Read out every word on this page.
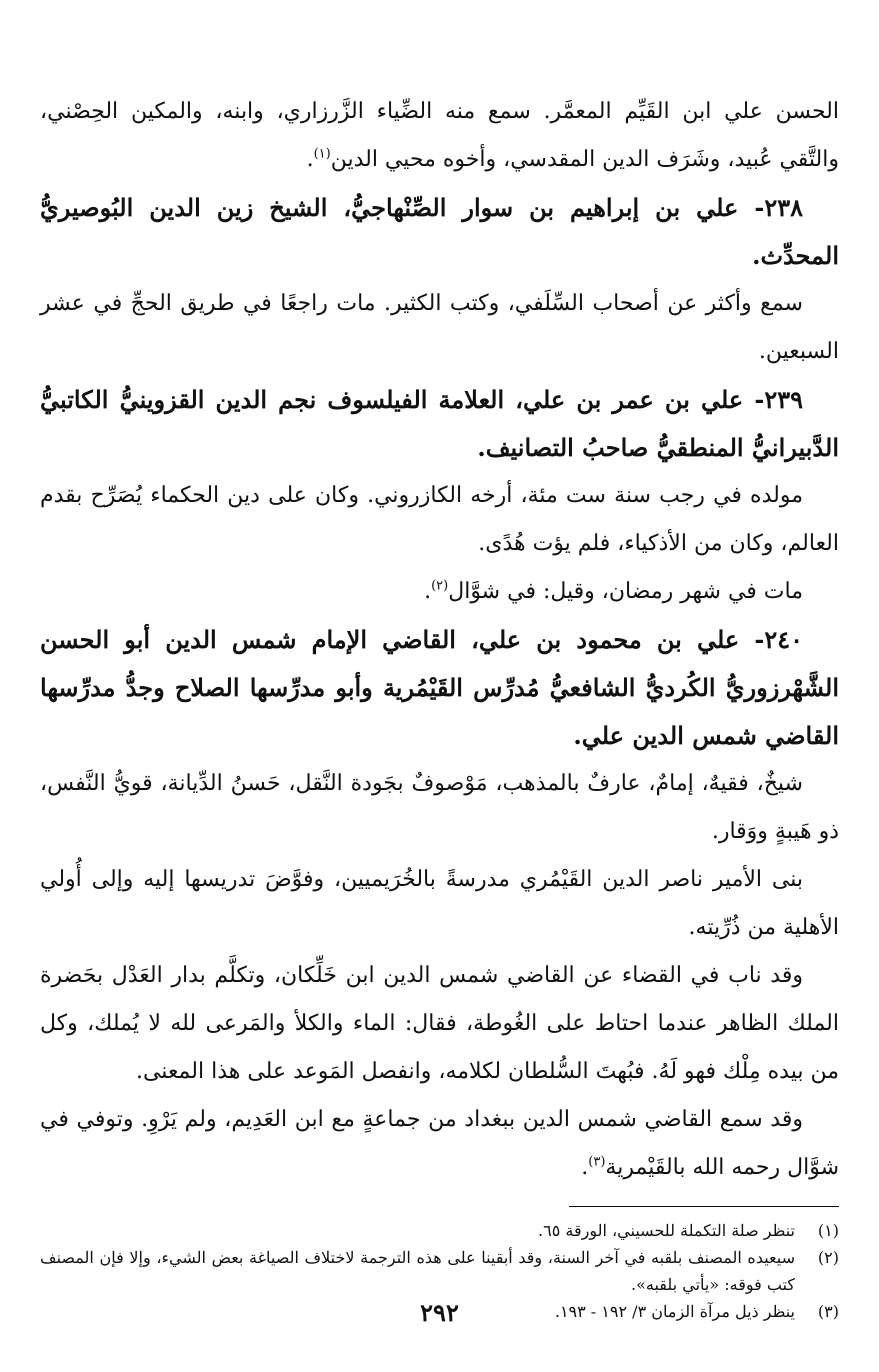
الحسن علي ابن القَيِّم المعمَّر. سمع منه الضِّياء الزَّرزاري، وابنه، والمكين الحِصْني، والتَّقي عُبيد، وشَرَف الدين المقدسي، وأخوه محيي الدين$^{(١)}$.

٢٣٨- علي بن إبراهيم بن سوار الصِّنْهاجيُّ، الشيخ زين الدين البُوصيريُّ المحدِّث.

سمع وأكثر عن أصحاب السِّلَفي، وكتب الكثير. مات راجعًا في طريق الحجِّ في عشر السبعين.

٢٣٩- علي بن عمر بن علي، العلامة الفيلسوف نجم الدين القزوينيُّ الكاتبيُّ الدَّبيرانيُّ المنطقيُّ صاحبُ التصانيف.

مولده في رجب سنة ست مئة، أرخه الكازروني. وكان على دين الحكماء يُصَرِّح بقدم العالم، وكان من الأذكياء، فلم يؤت هُدًى.

مات في شهر رمضان، وقيل: في شوَّال$^{(٢)}$.

٢٤٠- علي بن محمود بن علي، القاضي الإمام شمس الدين أبو الحسن الشَّهْرزوريُّ الكُرديُّ الشافعيُّ مُدرِّس القَيْمُرية وأبو مدرِّسها الصلاح وجدُّ مدرِّسها القاضي شمس الدين علي.

شيخٌ، فقيهٌ، إمامٌ، عارفٌ بالمذهب، مَوْصوفٌ بجَودة النَّقل، حَسنُ الدِّيانة، قويُّ النَّفس، ذو هَيبةٍ ووَقار.

بنى الأمير ناصر الدين القَيْمُري مدرسةً بالخُرَيميين، وفوَّضَ تدريسها إليه وإلى أُولي الأهلية من ذُرِّيته.

وقد ناب في القضاء عن القاضي شمس الدين ابن خَلِّكان، وتكلَّم بدار العَدْل بحَضرة الملك الظاهر عندما احتاط على الغُوطة، فقال: الماء والكلأ والمَرعى لله لا يُملك، وكل من بيده مِلْك فهو لَهُ. فبُهتَ السُّلطان لكلامه، وانفصل المَوعد على هذا المعنى.

وقد سمع القاضي شمس الدين ببغداد من جماعةٍ مع ابن العَدِيم، ولم يَرْوِ. وتوفي في شوَّال رحمه الله بالقَيْمرية$^{(٣)}$.

(١)
تنظر صلة التكملة للحسيني، الورقة ٦٥.
(٢)
سيعيده المصنف بلقبه في آخر السنة، وقد أبقينا على هذه الترجمة لاختلاف الصياغة بعض الشيء، وإلا فإن المصنف كتب فوقه: «يأتي بلقبه».
(٣)
ينظر ذيل مرآة الزمان ٣/ ١٩٢ - ١٩٣.
٢٩٢
